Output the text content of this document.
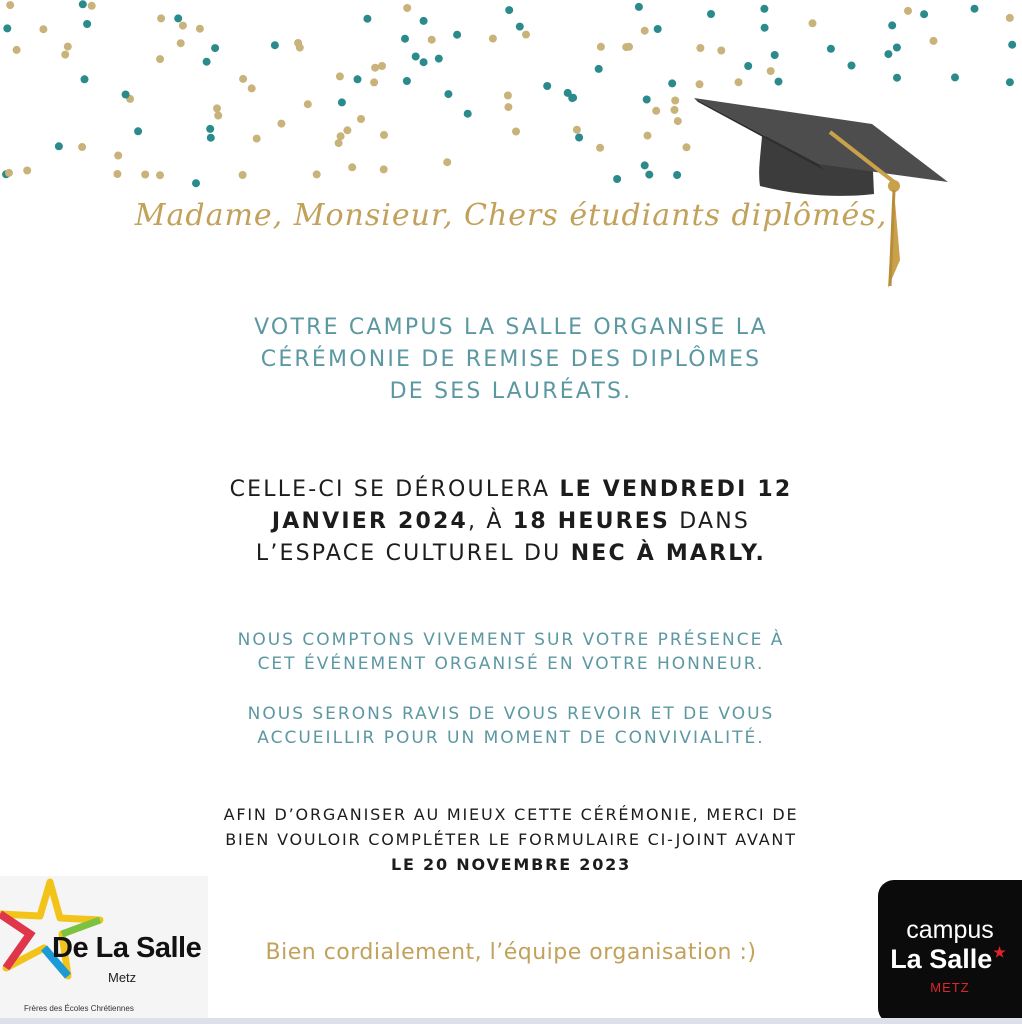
Madame, Monsieur, Chers étudiants diplômés,
VOTRE CAMPUS LA SALLE ORGANISE LA
CÉRÉMONIE DE REMISE DES DIPLÔMES
DE SES LAURÉATS.
CELLE-CI SE DÉROULERA LE VENDREDI 12
JANVIER 2024, À 18 HEURES DANS
L’ESPACE CULTUREL DU NEC À MARLY.
NOUS COMPTONS VIVEMENT SUR VOTRE PRÉSENCE À
CET ÉVÉNEMENT ORGANISÉ EN VOTRE HONNEUR.
NOUS SERONS RAVIS DE VOUS REVOIR ET DE VOUS
ACCUEILLIR POUR UN MOMENT DE CONVIVIALITÉ.
AFIN D’ORGANISER AU MIEUX CETTE CÉRÉMONIE, MERCI DE
BIEN VOULOIR COMPLÉTER LE FORMULAIRE CI-JOINT AVANT
LE 20 NOVEMBRE 2023
De La Salle
Metz
Frères des Écoles Chrétiennes
Bien cordialement, l’équipe organisation :)
campus
La Salle★
METZ
